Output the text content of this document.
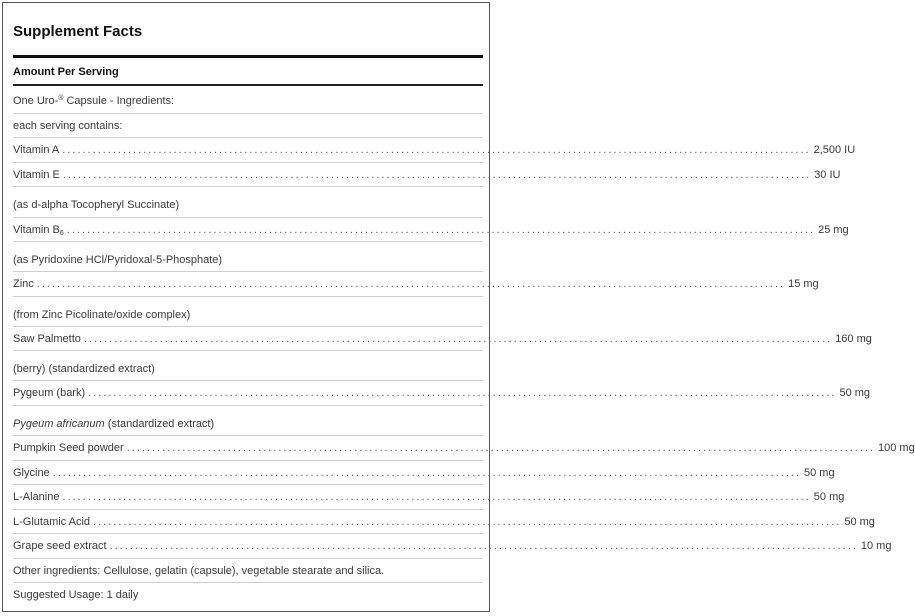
Supplement Facts
Amount Per Serving
One Uro-® Capsule - Ingredients:
each serving contains:
Vitamin A .................................................................................................................................................... 2,500 IU
Vitamin E .................................................................................................................................................... 30 IU
(as d-alpha Tocopheryl Succinate)
Vitamin $B_6$ .................................................................................................................................................... 25 mg
(as Pyridoxine HCl/Pyridoxal-5-Phosphate)
Zinc .................................................................................................................................................... 15 mg
(from Zinc Picolinate/oxide complex)
Saw Palmetto .................................................................................................................................................... 160 mg
(berry) (standardized extract)
Pygeum (bark) .................................................................................................................................................... 50 mg
Pygeum africanum (standardized extract)
Pumpkin Seed powder .................................................................................................................................................... 100 mg
Glycine .................................................................................................................................................... 50 mg
L-Alanine .................................................................................................................................................... 50 mg
L-Glutamic Acid .................................................................................................................................................... 50 mg
Grape seed extract .................................................................................................................................................... 10 mg
Other ingredients: Cellulose, gelatin (capsule), vegetable stearate and silica.
Suggested Usage: 1 daily
